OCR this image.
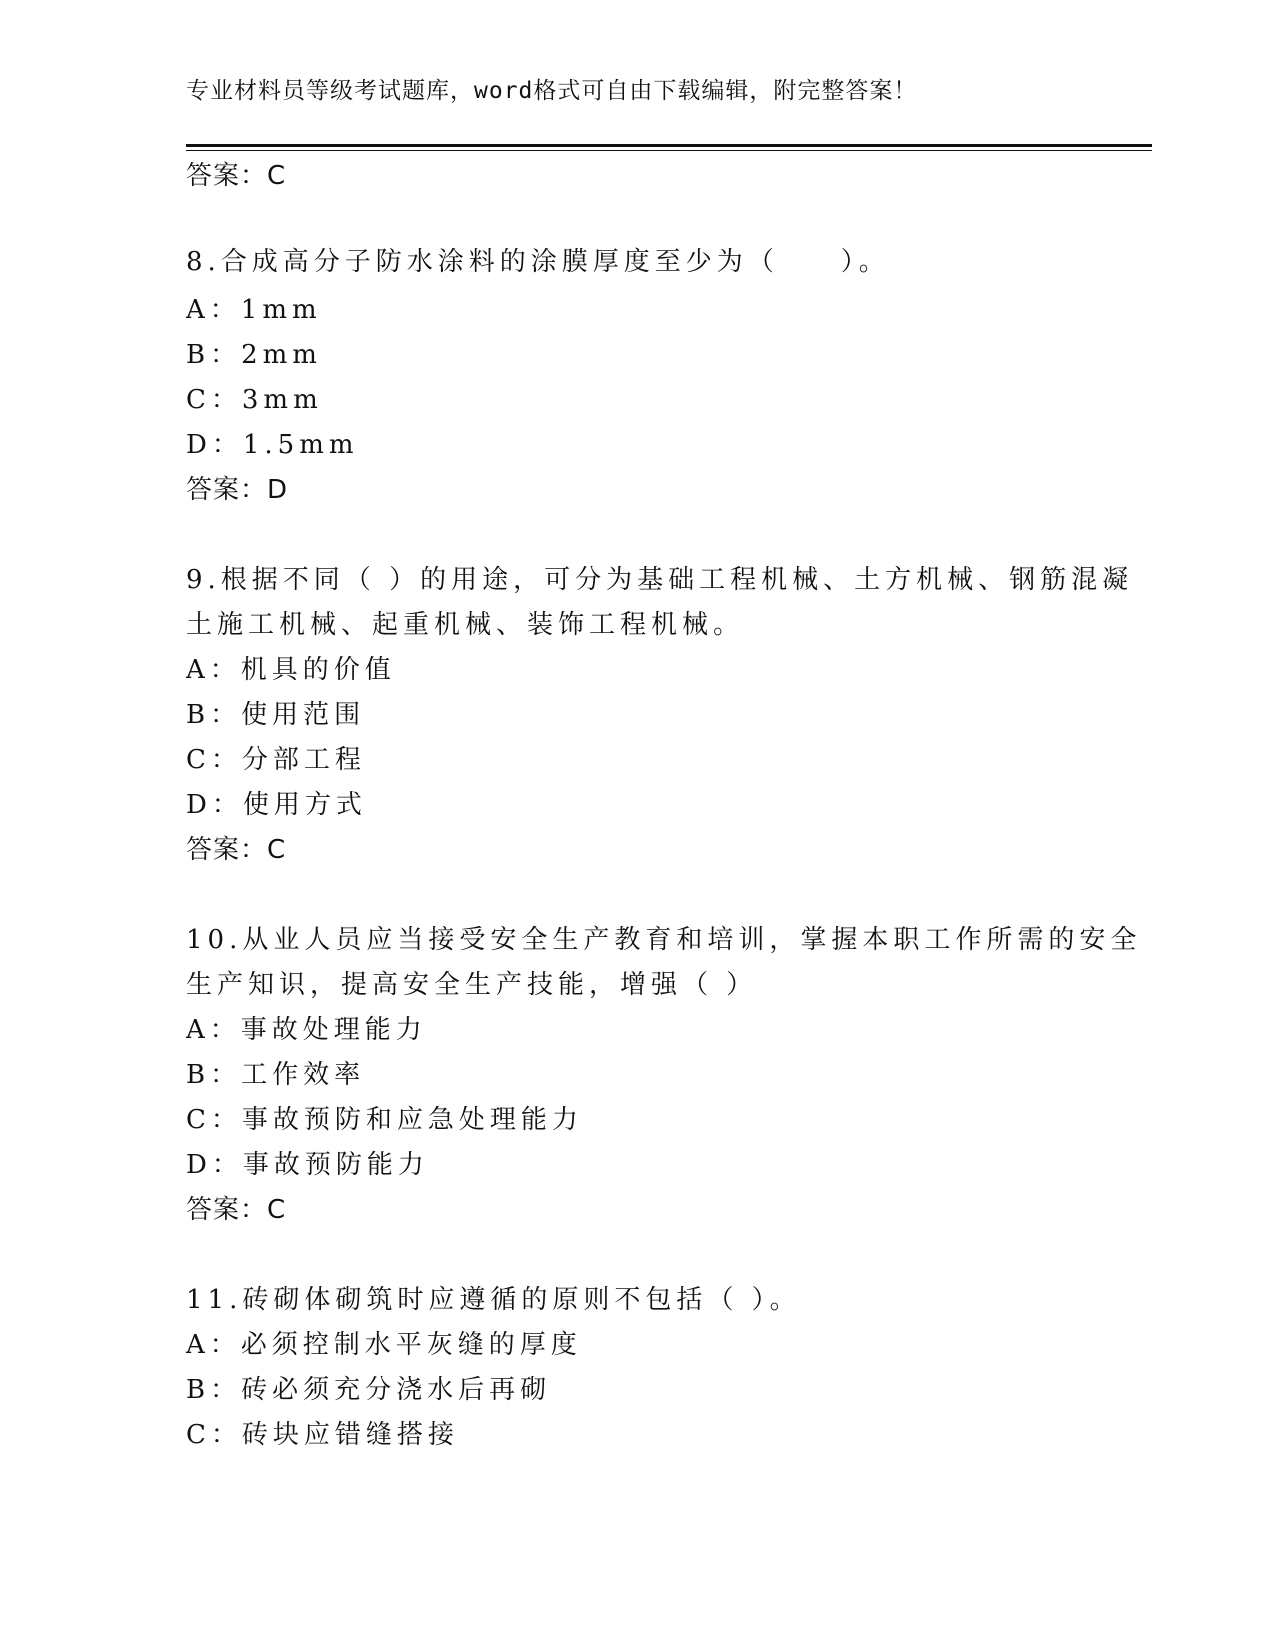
专业材料员等级考试题库，word格式可自由下载编辑，附完整答案！
答案：C
8.合成高分子防水涂料的涂膜厚度至少为（　　）。
A：1mm
B：2mm
C：3mm
D：1.5mm
答案：D
9.根据不同（ ）的用途，可分为基础工程机械、土方机械、钢筋混凝
土施工机械、起重机械、装饰工程机械。
A：机具的价值
B：使用范围
C：分部工程
D：使用方式
答案：C
10.从业人员应当接受安全生产教育和培训，掌握本职工作所需的安全
生产知识，提高安全生产技能，增强（ ）
A：事故处理能力
B：工作效率
C：事故预防和应急处理能力
D：事故预防能力
答案：C
11.砖砌体砌筑时应遵循的原则不包括（ ）。
A：必须控制水平灰缝的厚度
B：砖必须充分浇水后再砌
C：砖块应错缝搭接
